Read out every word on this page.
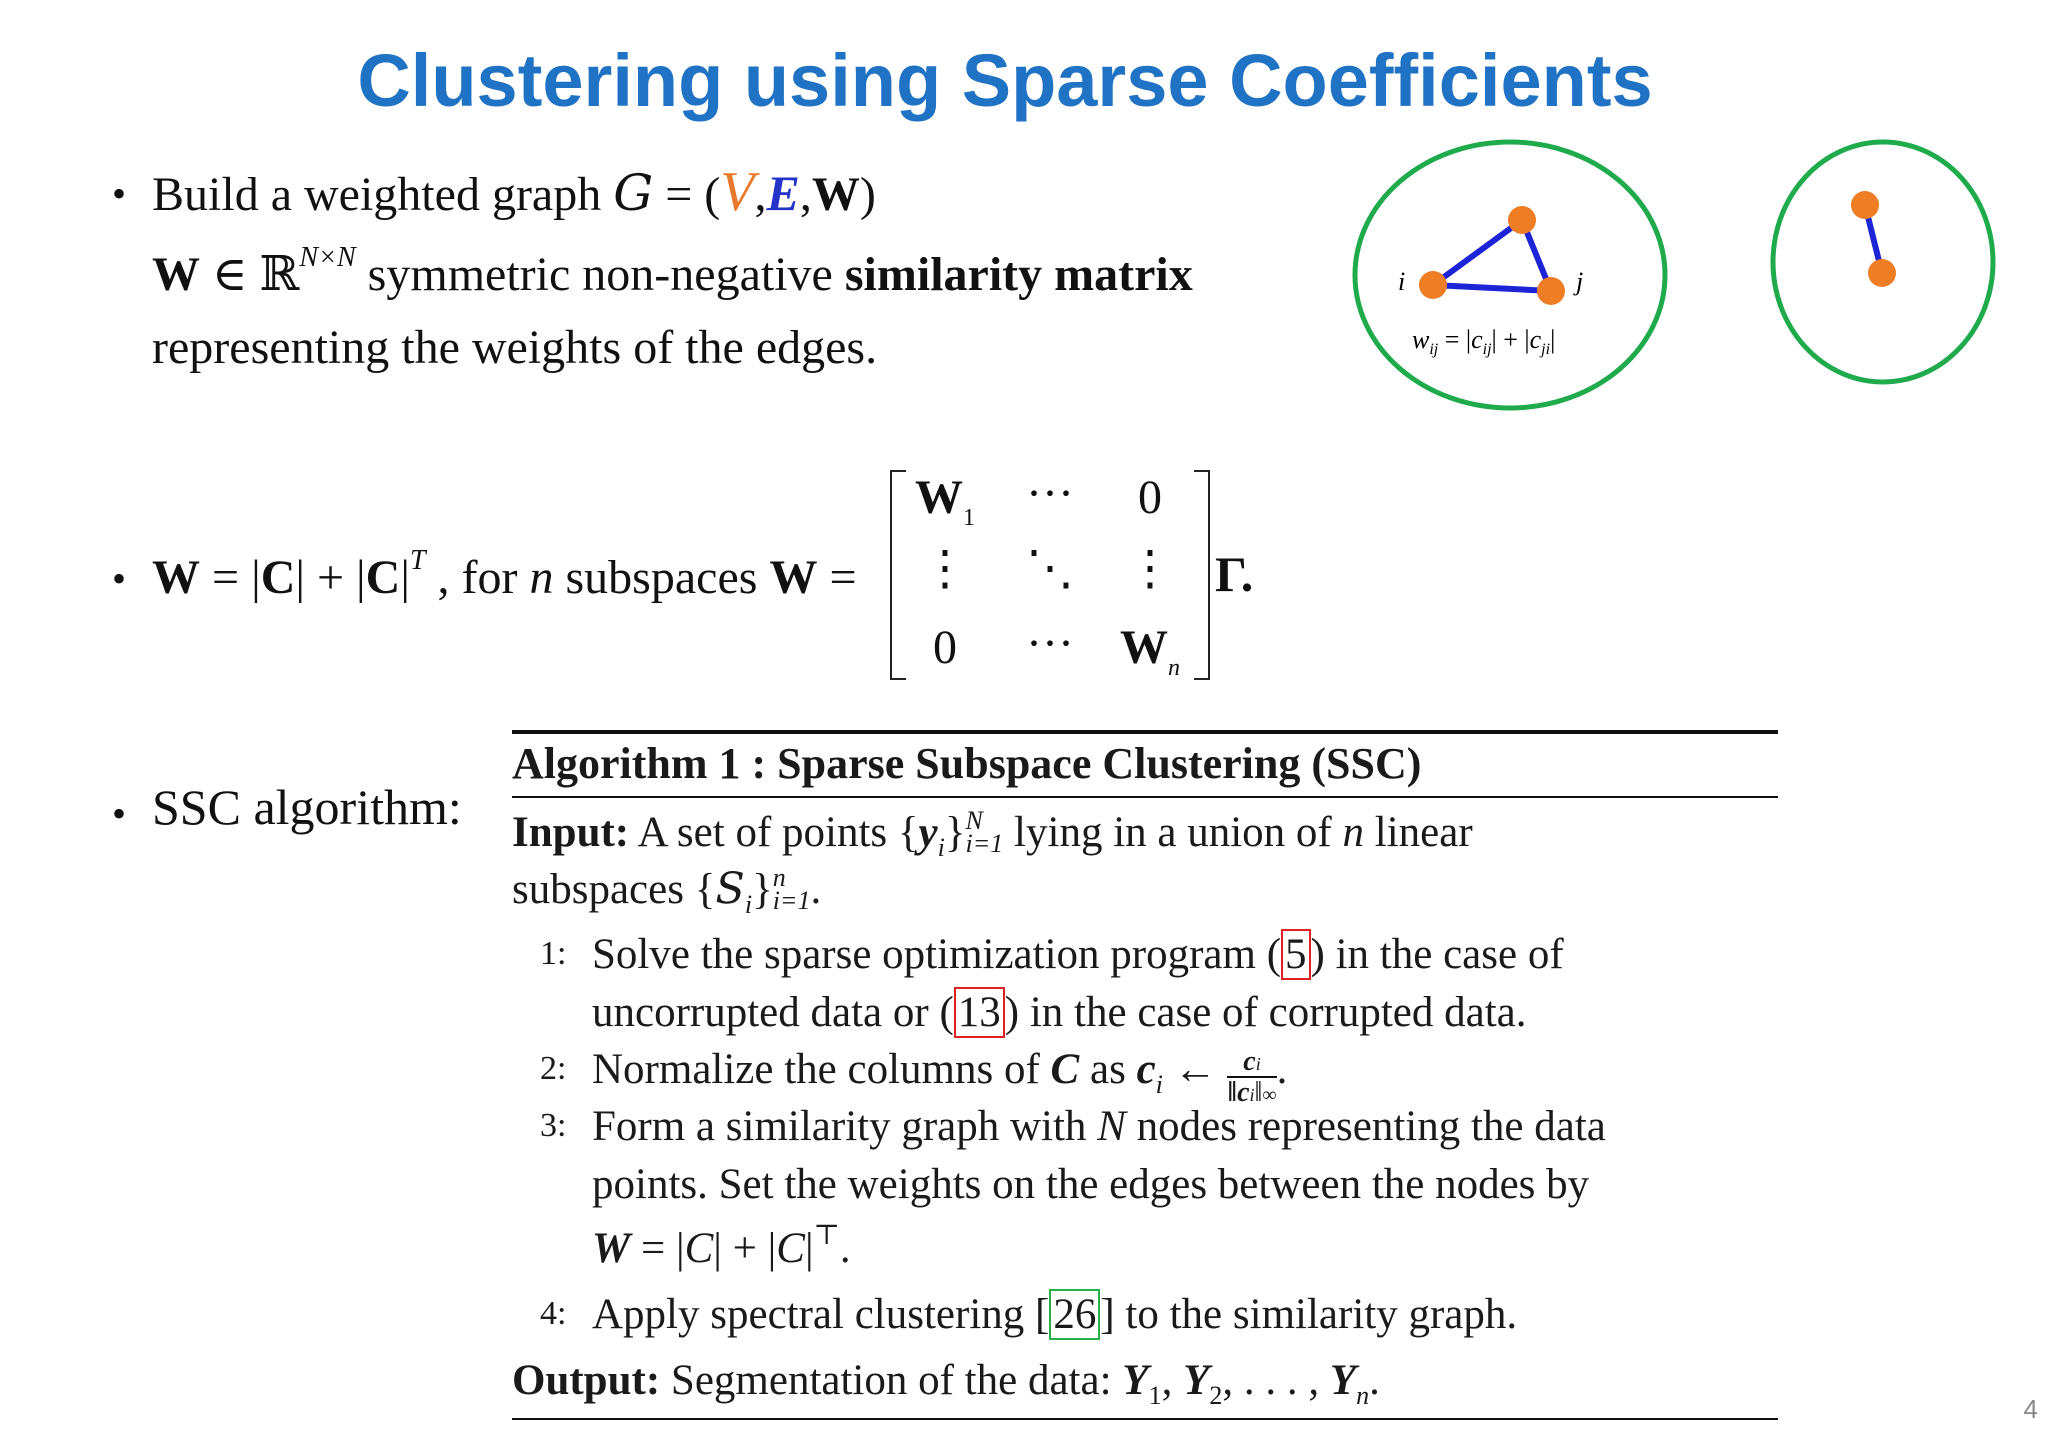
Clustering using Sparse Coefficients
• Build a weighted graph G = (V,E,W)
W ∈ ℝ$^{N\times N}$ symmetric non-negative similarity matrix
representing the weights of the edges.
i	j
$w_{ij} = |c_{ij}| + |c_{ji}|$
• $W = |C| + |C|^T$ , for n subspaces W =
$W_1$	···	0
⋮	⋱	⋮
0	··· $W_n$
Γ.
• SSC algorithm:
Algorithm 1 : Sparse Subspace Clustering (SSC)
Input: A set of points $\{y_i\}$ N
i=1 lying in a union of n linear
subspaces $\{S_i\}$ n
i=1 .
1: Solve the sparse optimization program (5) in the case of
uncorrupted data or (13) in the case of corrupted data.
2: Normalize the columns of C as $c_i$ ← $\frac{ci}{‖ci‖\infty}$ .
3: Form a similarity graph with N nodes representing the data
points. Set the weights on the edges between the nodes by
W = |C| + |C|⊤.
4: Apply spectral clustering [26] to the similarity graph.
Output: Segmentation of the data: $Y_1$, $Y_2$, . . . , $Y_n$.
4
